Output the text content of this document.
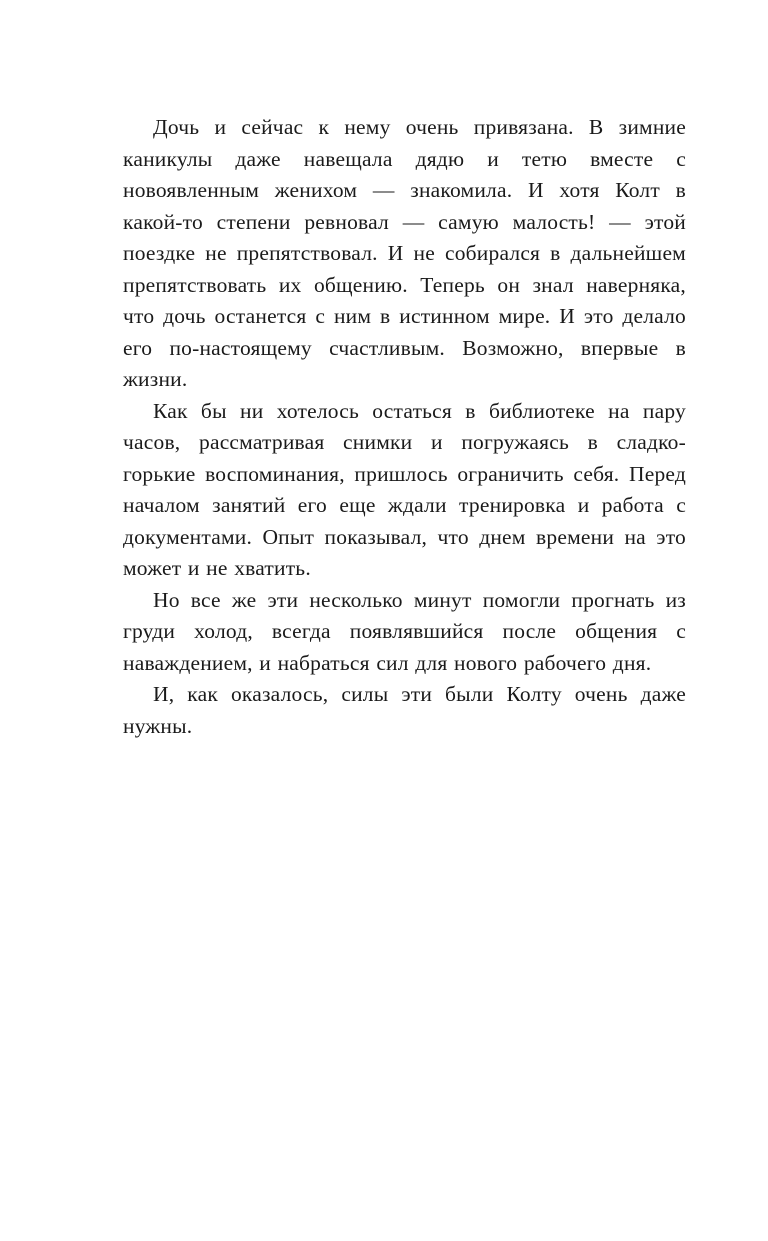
Дочь и сейчас к нему очень привязана. В зимние каникулы даже навещала дядю и тетю вместе с новоявленным женихом — знакомила. И хотя Колт в какой-то степени ревновал — самую малость! — этой поездке не препятствовал. И не собирался в дальнейшем препятствовать их общению. Теперь он знал наверняка, что дочь останется с ним в истинном мире. И это делало его по-настоящему счастливым. Возможно, впервые в жизни.

Как бы ни хотелось остаться в библиотеке на пару часов, рассматривая снимки и погружаясь в сладко-горькие воспоминания, пришлось ограничить себя. Перед началом занятий его еще ждали тренировка и работа с документами. Опыт показывал, что днем времени на это может и не хватить.

Но все же эти несколько минут помогли прогнать из груди холод, всегда появлявшийся после общения с наваждением, и набраться сил для нового рабочего дня.

И, как оказалось, силы эти были Колту очень даже нужны.
